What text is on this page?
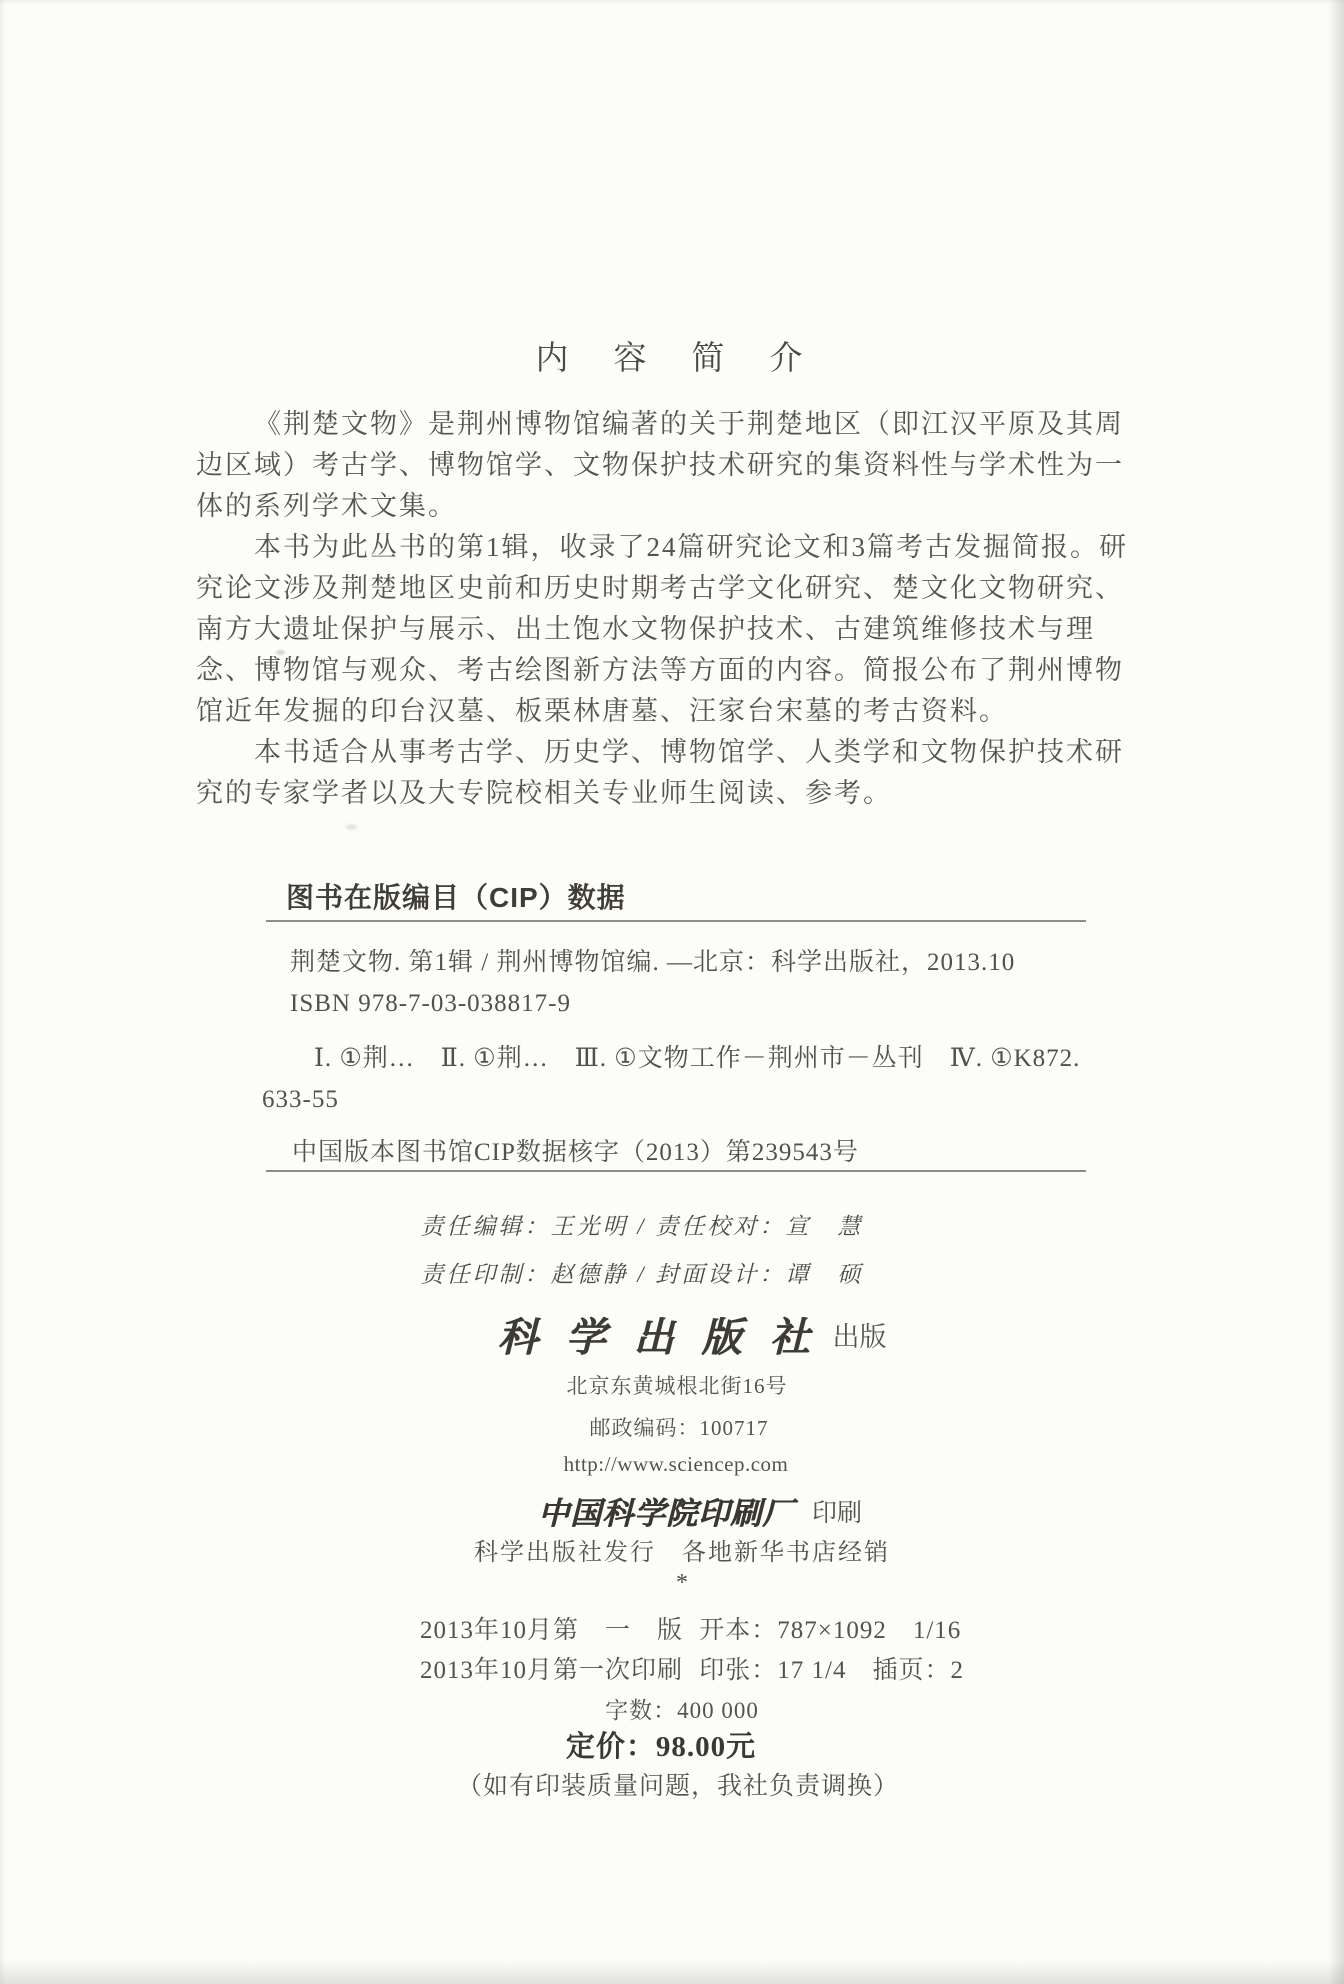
内　容　简　介
《荆楚文物》是荆州博物馆编著的关于荆楚地区（即江汉平原及其周
边区域）考古学、博物馆学、文物保护技术研究的集资料性与学术性为一
体的系列学术文集。
本书为此丛书的第1辑，收录了24篇研究论文和3篇考古发掘简报。研
究论文涉及荆楚地区史前和历史时期考古学文化研究、楚文化文物研究、
南方大遗址保护与展示、出土饱水文物保护技术、古建筑维修技术与理
念、博物馆与观众、考古绘图新方法等方面的内容。简报公布了荆州博物
馆近年发掘的印台汉墓、板栗林唐墓、汪家台宋墓的考古资料。
本书适合从事考古学、历史学、博物馆学、人类学和文物保护技术研
究的专家学者以及大专院校相关专业师生阅读、参考。
图书在版编目（CIP）数据
荆楚文物. 第1辑 / 荆州博物馆编. —北京：科学出版社，2013.10
ISBN 978-7-03-038817-9
Ⅰ. ①荆…　Ⅱ. ①荆…　Ⅲ. ①文物工作－荆州市－丛刊　Ⅳ. ①K872.
633-55
中国版本图书馆CIP数据核字（2013）第239543号
责任编辑：王光明 / 责任校对：宣　慧
责任印制：赵德静 / 封面设计：谭　硕
科 学 出 版 社 出版
北京东黄城根北街16号
邮政编码：100717
http://www.sciencep.com
中国科学院印刷厂 印刷
科学出版社发行　各地新华书店经销
*
2013年10月第　一　版 开本：787×1092　1/16
2013年10月第一次印刷 印张：17 1/4　插页：2
字数：400 000
定价：98.00元
（如有印装质量问题，我社负责调换）
